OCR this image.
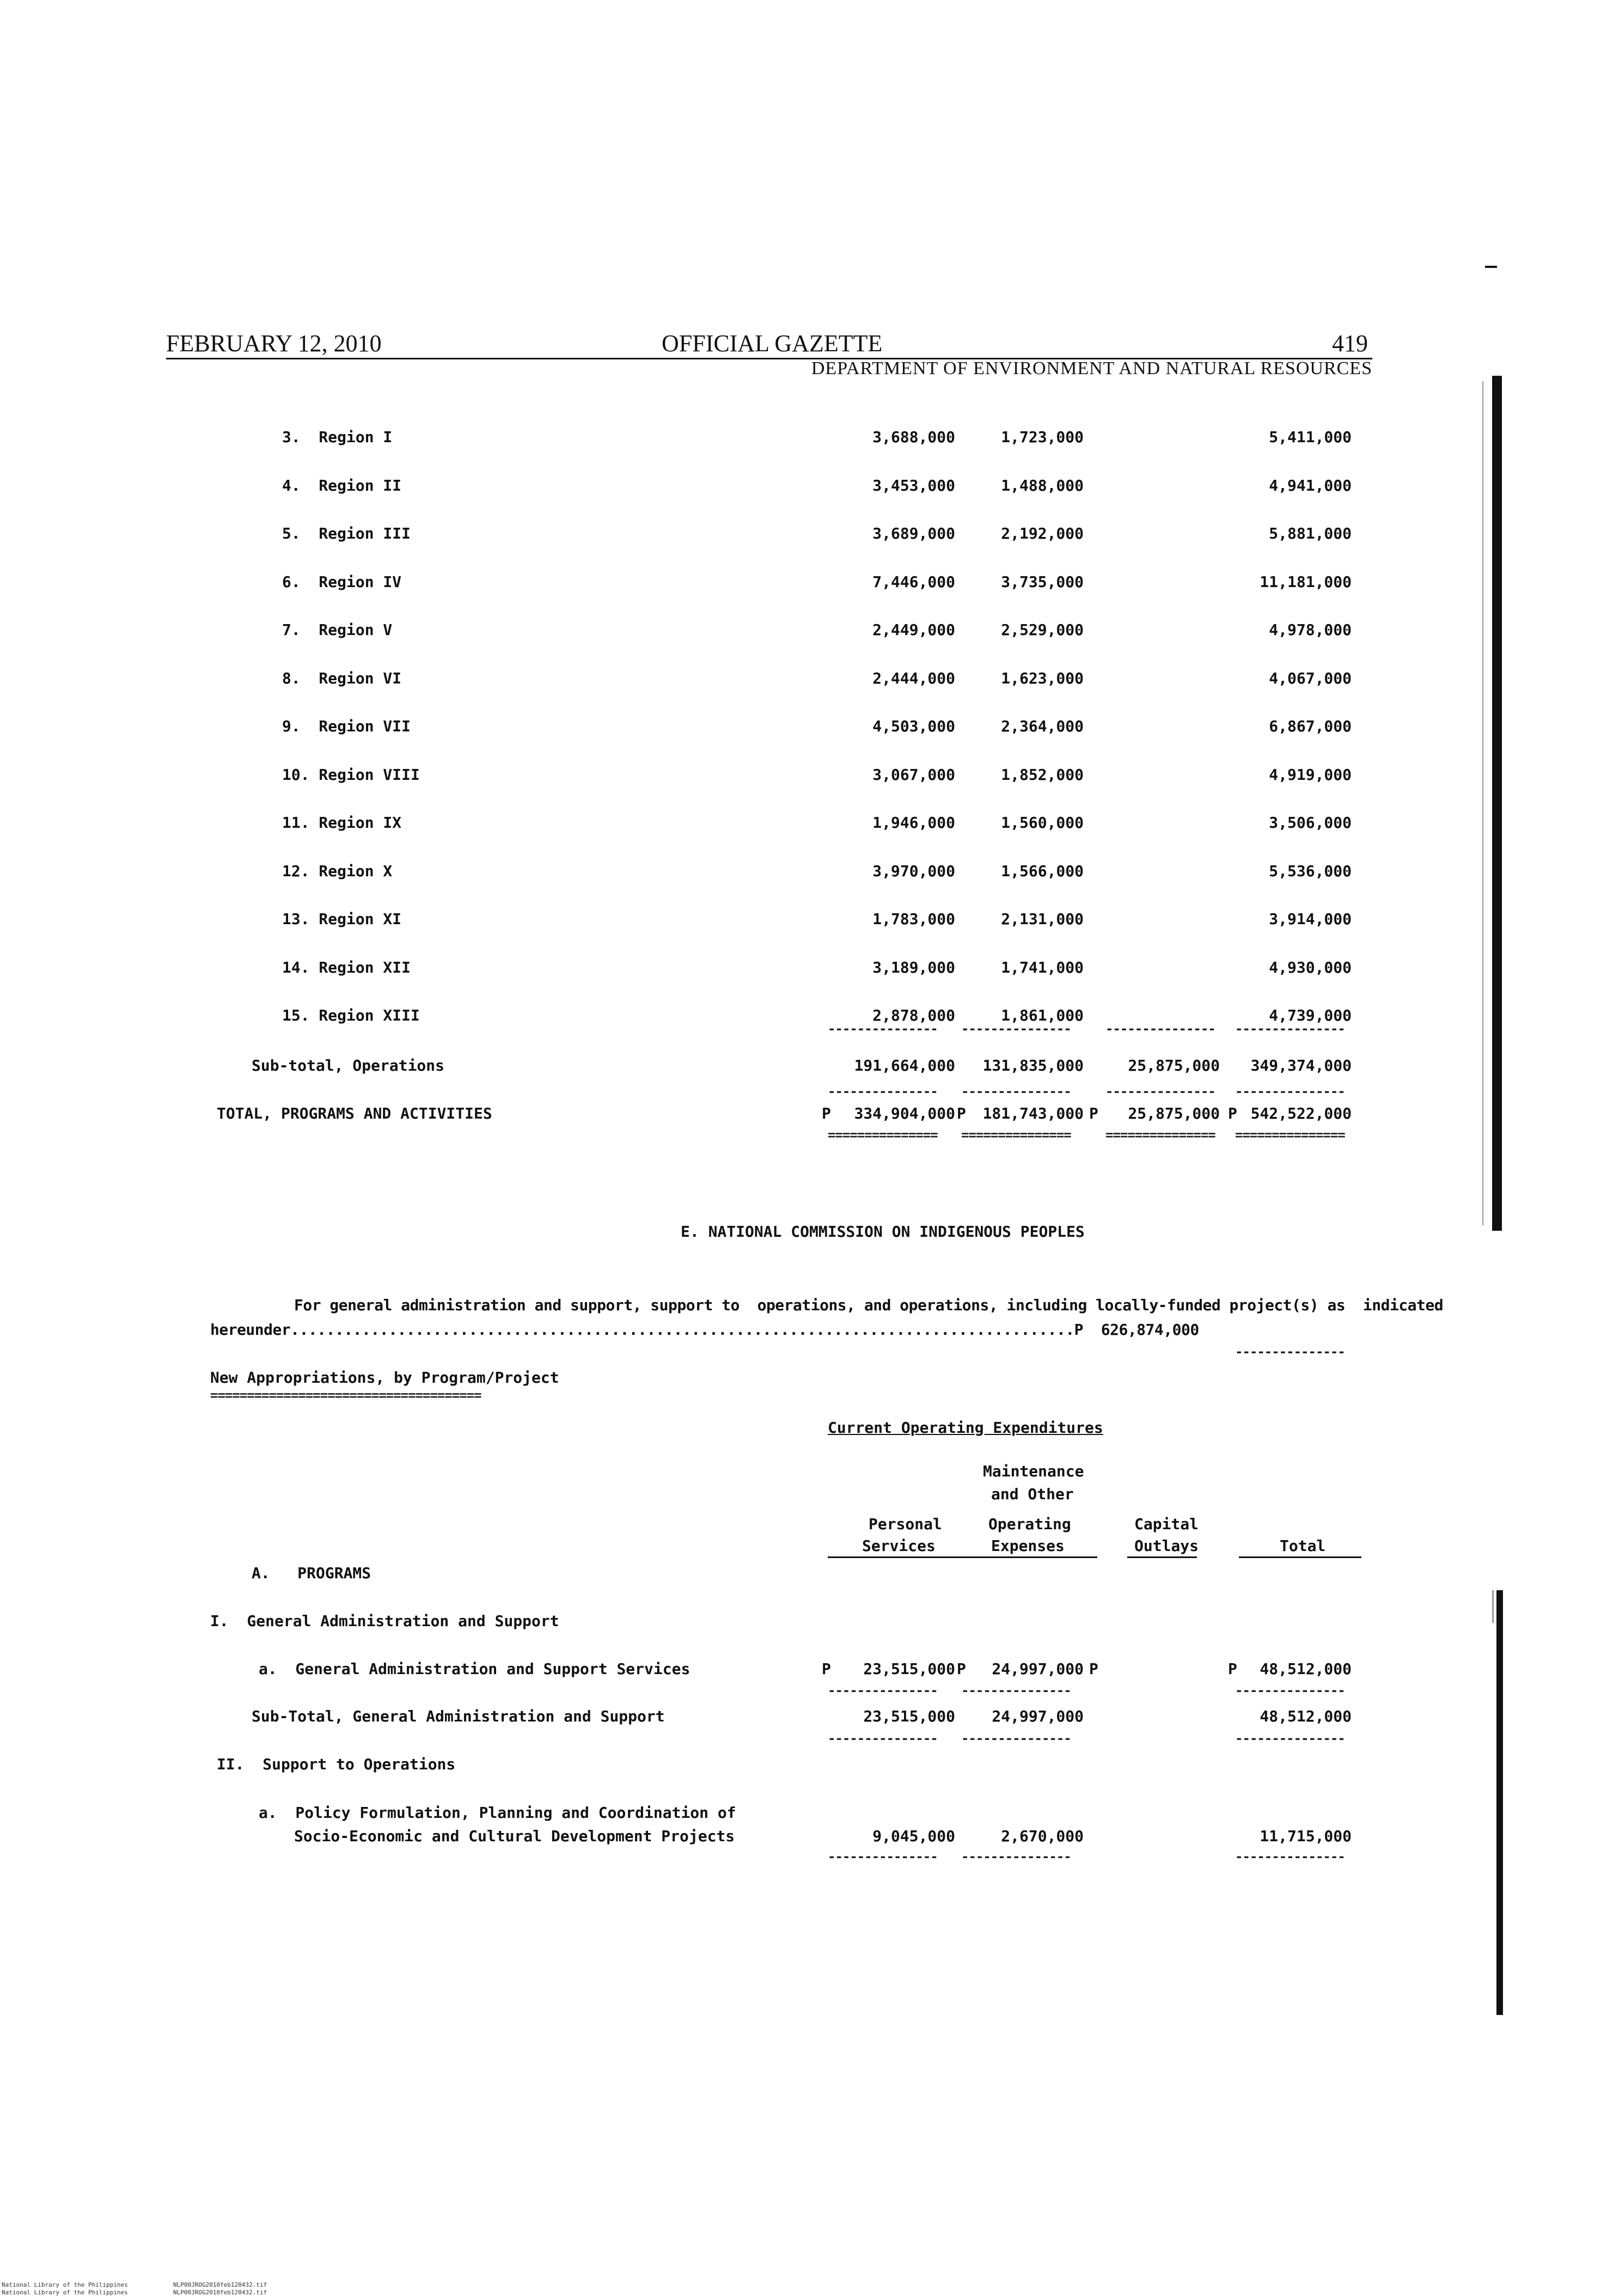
FEBRUARY 12, 2010	OFFICIAL GAZETTE	419
DEPARTMENT OF ENVIRONMENT AND NATURAL RESOURCES
3.  Region I	3,688,000	1,723,000	5,411,000
4.  Region II	3,453,000	1,488,000	4,941,000
5.  Region III	3,689,000	2,192,000	5,881,000
6.  Region IV	7,446,000	3,735,000	11,181,000
7.  Region V	2,449,000	2,529,000	4,978,000
8.  Region VI	2,444,000	1,623,000	4,067,000
9.  Region VII	4,503,000	2,364,000	6,867,000
10. Region VIII	3,067,000	1,852,000	4,919,000
11. Region IX	1,946,000	1,560,000	3,506,000
12. Region X	3,970,000	1,566,000	5,536,000
13. Region XI	1,783,000	2,131,000	3,914,000
14. Region XII	3,189,000	1,741,000	4,930,000
15. Region XIII	2,878,000	1,861,000	4,739,000
--------------- ---------------	--------------- ---------------
Sub-total, Operations	191,664,000 131,835,000	25,875,000 349,374,000
--------------- ---------------	--------------- ---------------
TOTAL, PROGRAMS AND ACTIVITIES	P 334,904,000 P 181,743,000 P 25,875,000 P 542,522,000
=============== ===============	=============== ===============
E. NATIONAL COMMISSION ON INDIGENOUS PEOPLES
For general administration and support, support to  operations, and operations, including locally-funded project(s) as  indicated
hereunder........................................................................................P  626,874,000
---------------
New Appropriations, by Program/Project
=====================================
Current Operating Expenditures
Maintenance
and Other
Personal	Operating	Capital
Services	Expenses	Outlays	Total
A.   PROGRAMS
I.  General Administration and Support
a.  General Administration and Support Services	P 23,515,000 P 24,997,000 P	P 48,512,000
--------------- ---------------	---------------
Sub-Total, General Administration and Support	23,515,000 24,997,000	48,512,000
--------------- ---------------	---------------
II.  Support to Operations
a.  Policy Formulation, Planning and Coordination of
Socio-Economic and Cultural Development Projects	9,045,000	2,670,000	11,715,000
--------------- ---------------	---------------
National Library of the Philippines	NLP00JROG2010feb120432.tif
National Library of the Philippines	NLP00JROG2010feb120432.tif
